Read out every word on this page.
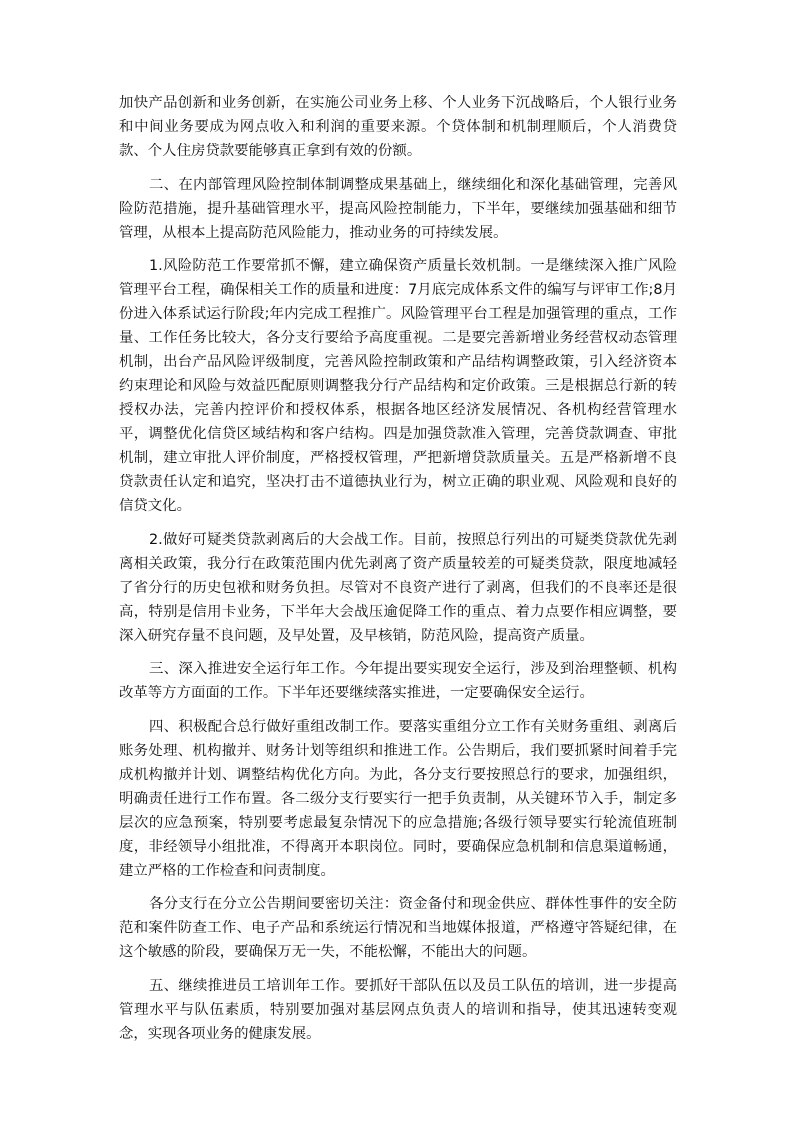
加快产品创新和业务创新，在实施公司业务上移、个人业务下沉战略后，个人银行业务和中间业务要成为网点收入和利润的重要来源。个贷体制和机制理顺后，个人消费贷款、个人住房贷款要能够真正拿到有效的份额。

二、在内部管理风险控制体制调整成果基础上，继续细化和深化基础管理，完善风险防范措施，提升基础管理水平，提高风险控制能力，下半年，要继续加强基础和细节管理，从根本上提高防范风险能力，推动业务的可持续发展。

1.风险防范工作要常抓不懈，建立确保资产质量长效机制。一是继续深入推广风险管理平台工程，确保相关工作的质量和进度：7月底完成体系文件的编写与评审工作;8月份进入体系试运行阶段;年内完成工程推广。风险管理平台工程是加强管理的重点，工作量、工作任务比较大，各分支行要给予高度重视。二是要完善新增业务经营权动态管理机制，出台产品风险评级制度，完善风险控制政策和产品结构调整政策，引入经济资本约束理论和风险与效益匹配原则调整我分行产品结构和定价政策。三是根据总行新的转授权办法，完善内控评价和授权体系，根据各地区经济发展情况、各机构经营管理水平，调整优化信贷区域结构和客户结构。四是加强贷款准入管理，完善贷款调查、审批机制，建立审批人评价制度，严格授权管理，严把新增贷款质量关。五是严格新增不良贷款责任认定和追究，坚决打击不道德执业行为，树立正确的职业观、风险观和良好的信贷文化。

2.做好可疑类贷款剥离后的大会战工作。目前，按照总行列出的可疑类贷款优先剥离相关政策，我分行在政策范围内优先剥离了资产质量较差的可疑类贷款，限度地减轻了省分行的历史包袱和财务负担。尽管对不良资产进行了剥离，但我们的不良率还是很高，特别是信用卡业务，下半年大会战压逾促降工作的重点、着力点要作相应调整，要深入研究存量不良问题，及早处置，及早核销，防范风险，提高资产质量。

三、深入推进安全运行年工作。今年提出要实现安全运行，涉及到治理整顿、机构改革等方方面面的工作。下半年还要继续落实推进，一定要确保安全运行。

四、积极配合总行做好重组改制工作。要落实重组分立工作有关财务重组、剥离后账务处理、机构撤并、财务计划等组织和推进工作。公告期后，我们要抓紧时间着手完成机构撤并计划、调整结构优化方向。为此，各分支行要按照总行的要求，加强组织，明确责任进行工作布置。各二级分支行要实行一把手负责制，从关键环节入手，制定多层次的应急预案，特别要考虑最复杂情况下的应急措施;各级行领导要实行轮流值班制度，非经领导小组批准，不得离开本职岗位。同时，要确保应急机制和信息渠道畅通，建立严格的工作检查和问责制度。

各分支行在分立公告期间要密切关注：资金备付和现金供应、群体性事件的安全防范和案件防查工作、电子产品和系统运行情况和当地媒体报道，严格遵守答疑纪律，在这个敏感的阶段，要确保万无一失，不能松懈，不能出大的问题。

五、继续推进员工培训年工作。要抓好干部队伍以及员工队伍的培训，进一步提高管理水平与队伍素质，特别要加强对基层网点负责人的培训和指导，使其迅速转变观念，实现各项业务的健康发展。
